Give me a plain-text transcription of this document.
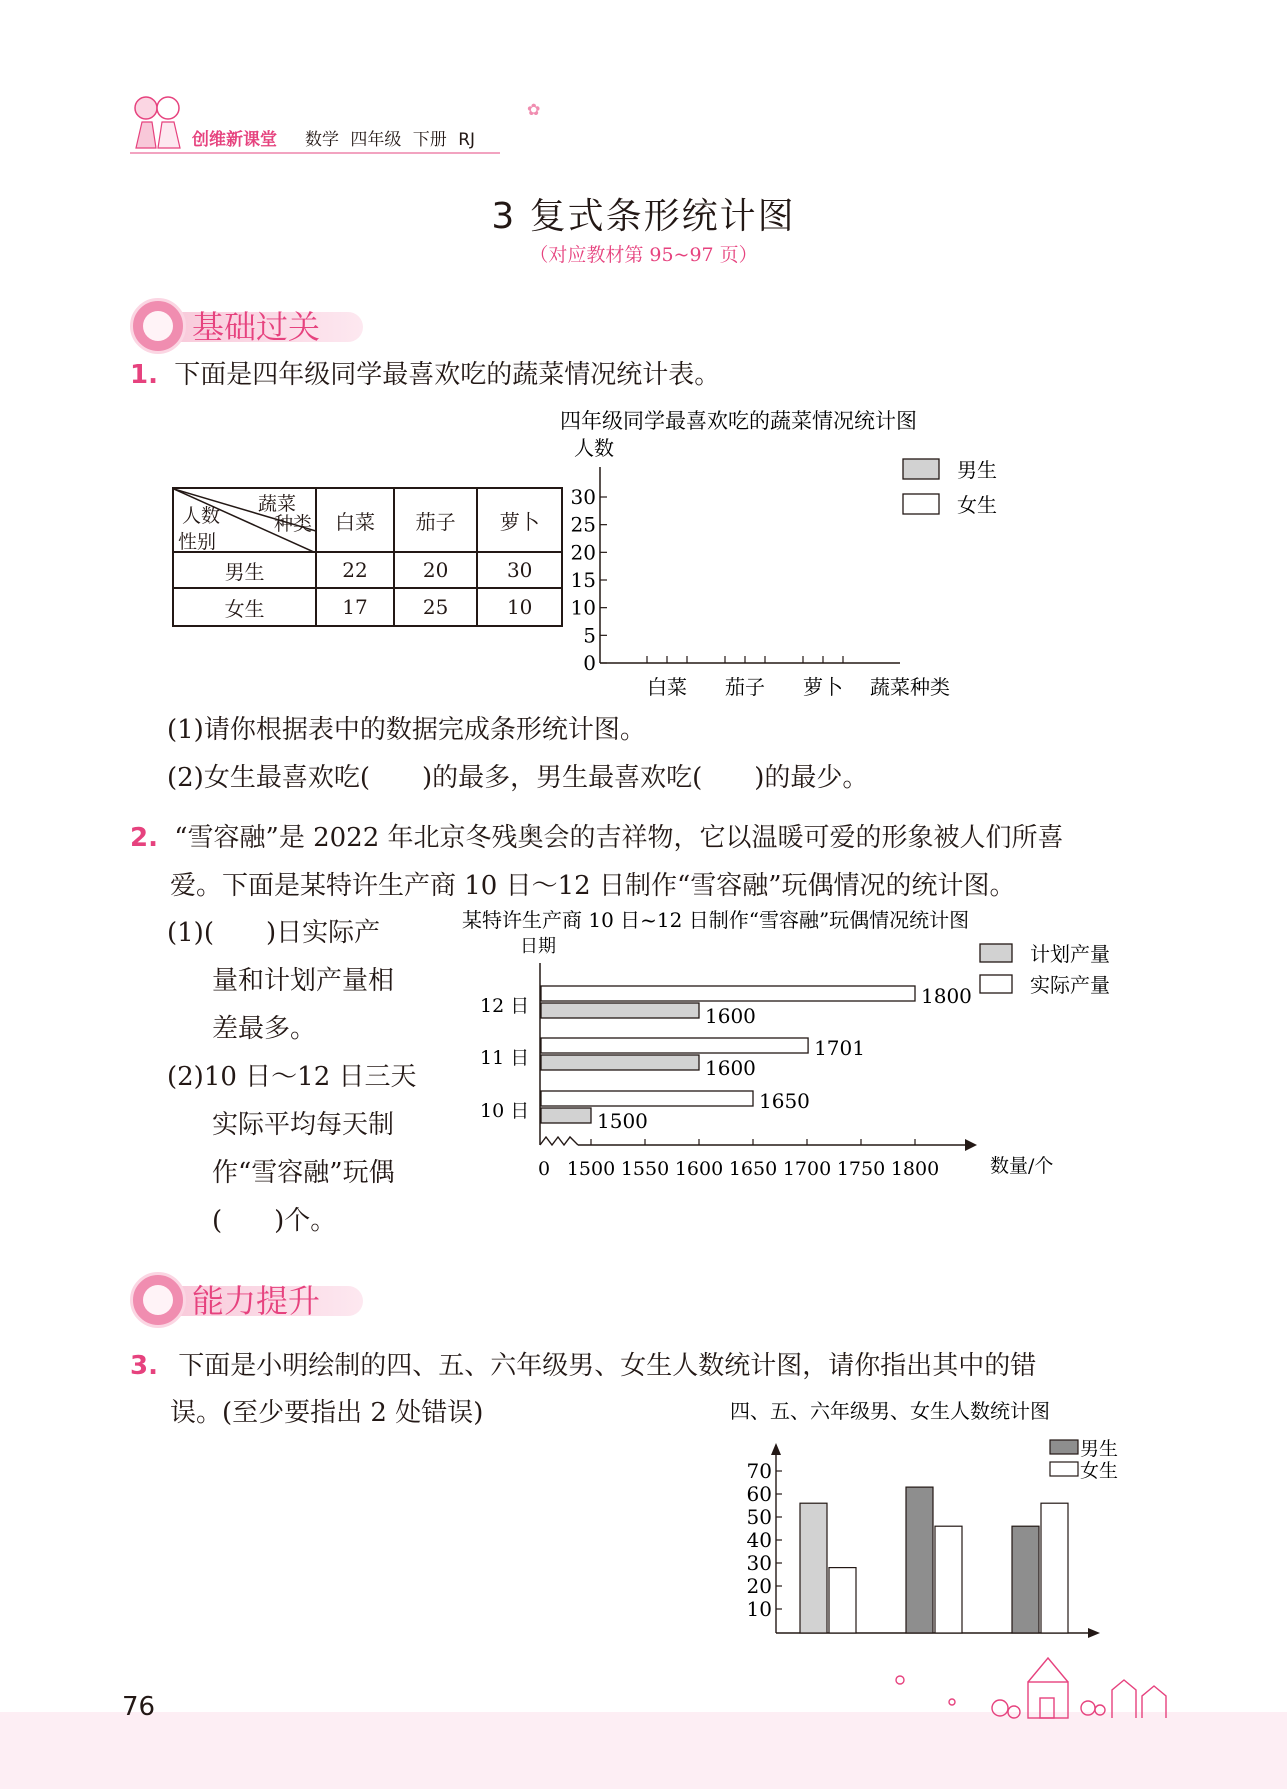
创维新课堂 数学 四年级 下册 RJ
✿
3 复式条形统计图
（对应教材第 95~97 页）
基础过关
1. 下面是四年级同学最喜欢吃的蔬菜情况统计表。
蔬菜
种类
人数
性别	白菜	茄子	萝卜
男生	22	20	30
女生	17	25	10
四年级同学最喜欢吃的蔬菜情况统计图
人数
0
5
10
15
20
25
30
白菜 茄子 萝卜 蔬菜种类
男生
女生
(1)请你根据表中的数据完成条形统计图。
(2)女生最喜欢吃(　　)的最多，男生最喜欢吃(　　)的最少。
2. “雪容融”是 2022 年北京冬残奥会的吉祥物，它以温暖可爱的形象被人们所喜
爱。下面是某特许生产商 10 日～12 日制作“雪容融”玩偶情况的统计图。
(1)(　　)日实际产
量和计划产量相
差最多。
(2)10 日～12 日三天
实际平均每天制
作“雪容融”玩偶
(　　)个。
某特许生产商 10 日~12 日制作“雪容融”玩偶情况统计图
日期
0 1500 1550 1600 1650 1700 1750 1800	数量/个
12 日
11 日
10 日
1800
1600
1701
1600
1650
1500
计划产量
实际产量
能力提升
3. 下面是小明绘制的四、五、六年级男、女生人数统计图，请你指出其中的错
误。(至少要指出 2 处错误)	四、五、六年级男、女生人数统计图
10
20
30
40
50
60
70
男生
女生
76
